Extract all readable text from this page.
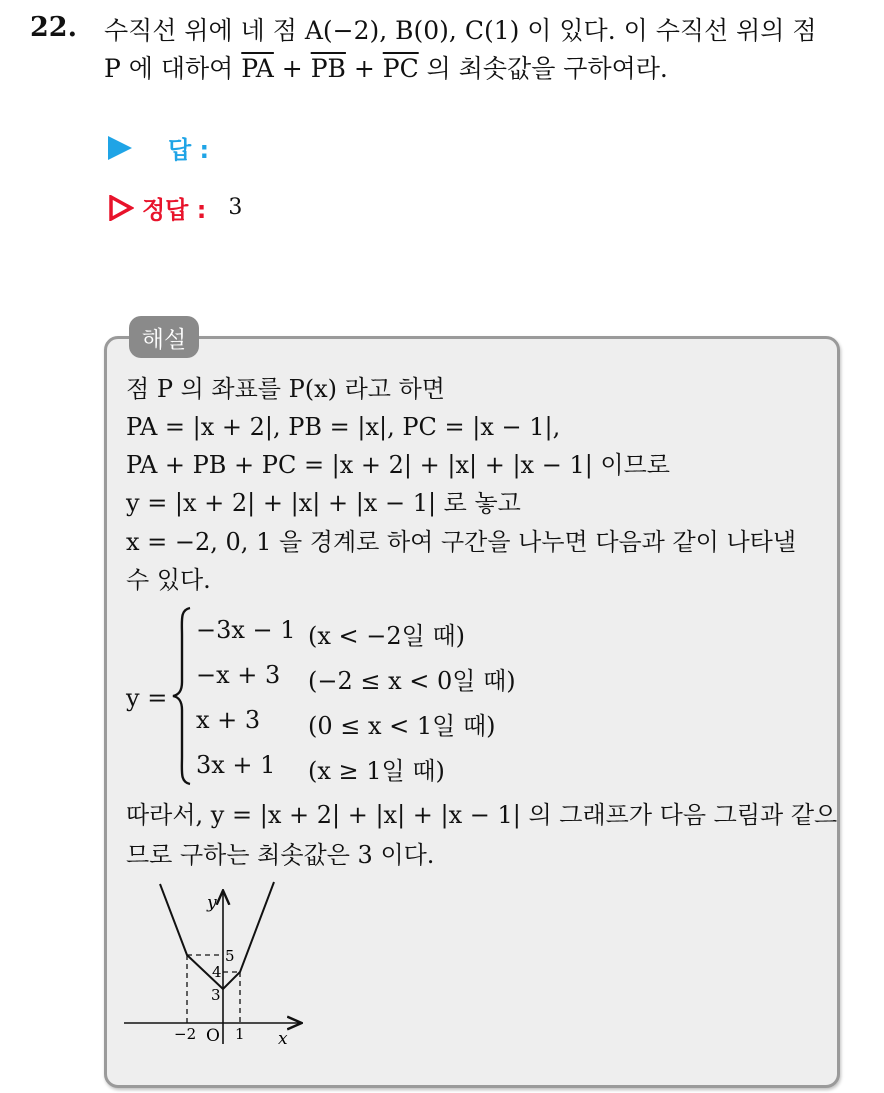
22. 수직선 위에 네 점 A(−2), B(0), C(1) 이 있다. 이 수직선 위의 점
P 에 대하여 $\overline{PA} + \overline{PB} + \overline{PC}$ 의 최솟값을 구하여라.
답 :
정답 : 3
해설
점 P 의 좌표를 P(x) 라고 하면
PA = |x + 2|, PB = |x|, PC = |x − 1|,
PA + PB + PC = |x + 2| + |x| + |x − 1| 이므로
y = |x + 2| + |x| + |x − 1| 로 놓고
x = −2, 0, 1 을 경계로 하여 구간을 나누면 다음과 같이 나타낼
수 있다.
y =
−3x − 1 (x < −2일 때)
−x + 3 (−2 ≤ x < 0일 때)
x + 3 (0 ≤ x < 1일 때)
3x + 1 (x ≥ 1일 때)
따라서, y = |x + 2| + |x| + |x − 1| 의 그래프가 다음 그림과 같으
므로 구하는 최솟값은 3 이다.
y
x
O
−2	1
5
4
3
